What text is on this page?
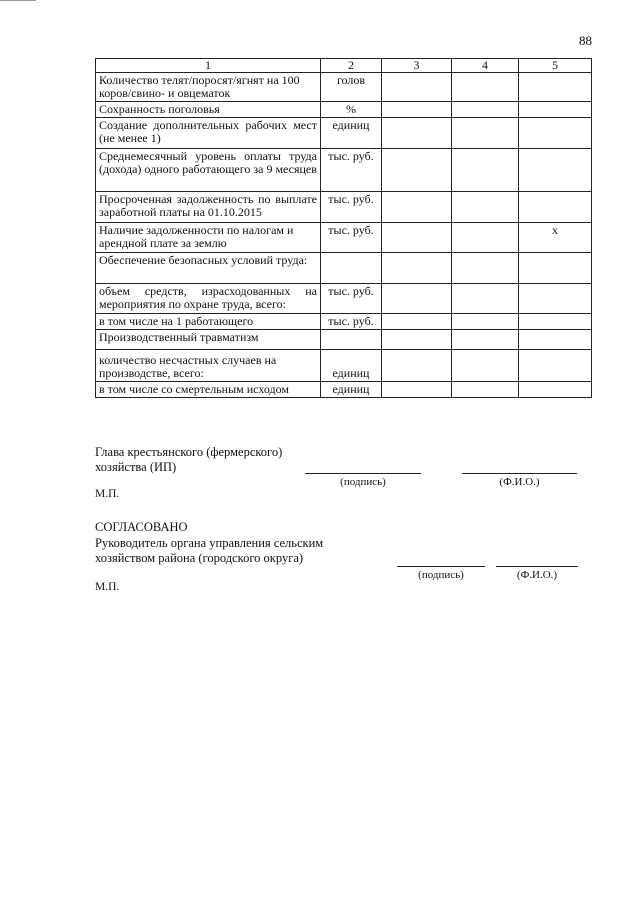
88
1	2	3	4	5
Количество телят/поросят/ягнят на 100 коров/свино- и овцематок	голов			
Сохранность поголовья	%			
Создание дополнительных рабочих мест (не менее 1)	единиц			
Среднемесячный уровень оплаты труда (дохода) одного работающего за 9 месяцев	тыс. руб.			
Просроченная задолженность по выплате заработной платы на 01.10.2015	тыс. руб.			
Наличие задолженности по налогам и арендной плате за землю	тыс. руб.			x
Обеспечение безопасных условий труда:				
объем средств, израсходованных на мероприятия по охране труда, всего:	тыс. руб.			
в том числе на 1 работающего	тыс. руб.			
Производственный травматизм				
количество несчастных случаев на производстве, всего:	единиц			
в том числе со смертельным исходом	единиц			
Глава крестьянского (фермерского)
хозяйства (ИП)
(подпись)	(Ф.И.О.)
М.П.
СОГЛАСОВАНО
Руководитель органа управления сельским
хозяйством района (городского округа)
(подпись)	(Ф.И.О.)
М.П.
